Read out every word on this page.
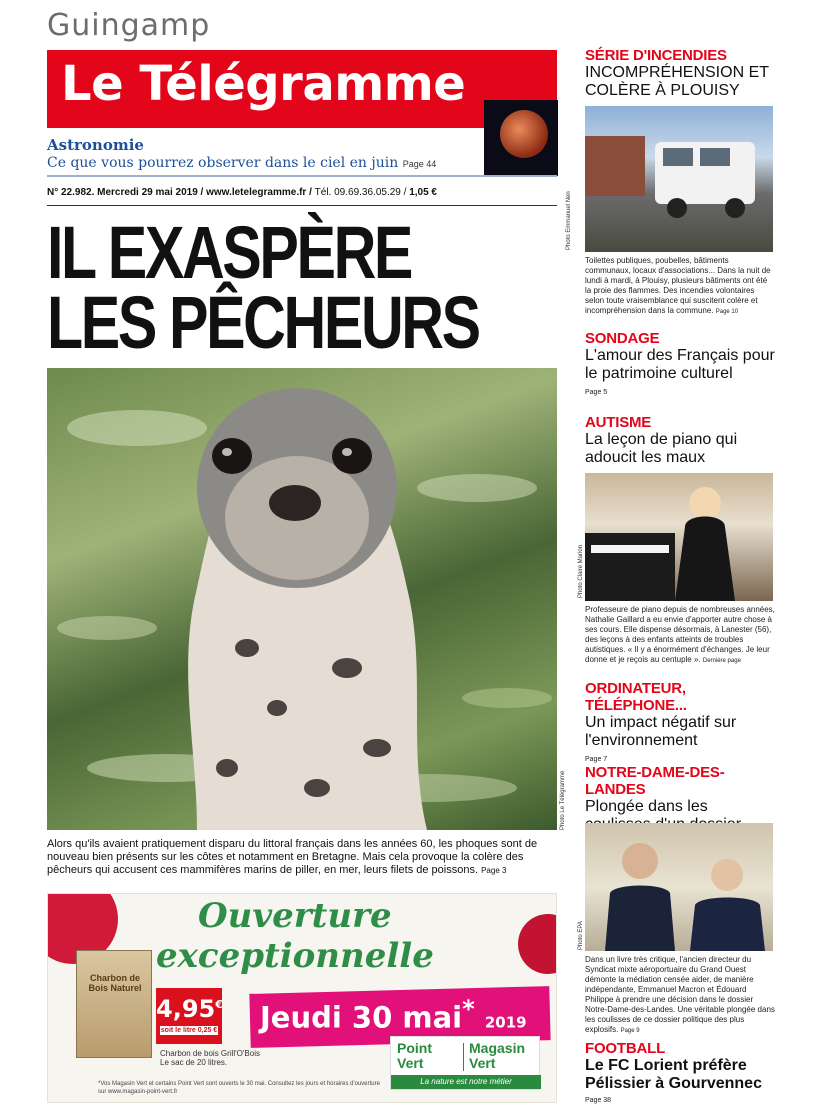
Guingamp
Le Télégramme
Astronomie
Ce que vous pourrez observer dans le ciel en juin Page 44
N° 22.982. Mercredi 29 mai 2019 / www.letelegramme.fr / Tél. 09.69.36.05.29 / 1,05 €
IL EXASPÈRE
LES PÊCHEURS
Photo Le Télégramme
Alors qu'ils avaient pratiquement disparu du littoral français dans les années 60, les phoques sont de nouveau bien présents sur les côtes et notamment en Bretagne. Mais cela provoque la colère des pêcheurs qui accusent ces mammifères marins de piller, en mer, leurs filets de poissons. Page 3
Ouverture
exceptionnelle
Jeudi 30 mai* 2019
Charbon de Bois Naturel
4,95€
soit le litre 0,25 €
Charbon de bois Grill'O'Bois
Le sac de 20 litres.
Point Vert
Magasin Vert
La nature est notre métier
*Vos Magasin Vert et certains Point Vert sont ouverts le 30 mai. Consultez les jours et horaires d'ouverture sur www.magasin-point-vert.fr
SÉRIE D'INCENDIES
INCOMPRÉHENSION ET COLÈRE À PLOUISY
Photo Emmanuel Nen
Toilettes publiques, poubelles, bâtiments communaux, locaux d'associations... Dans la nuit de lundi à mardi, à Plouisy, plusieurs bâtiments ont été la proie des flammes. Des incendies volontaires selon toute vraisemblance qui suscitent colère et incompréhension dans la commune. Page 10
SONDAGE
L'amour des Français pour le patrimoine culturel
Page 5
AUTISME
La leçon de piano qui adoucit les maux
Photo Claire Marion
Professeure de piano depuis de nombreuses années, Nathalie Gaillard a eu envie d'apporter autre chose à ses cours. Elle dispense désormais, à Lanester (56), des leçons à des enfants atteints de troubles autistiques. « Il y a énormément d'échanges. Je leur donne et je reçois au centuple ». Dernière page
ORDINATEUR, TÉLÉPHONE...
Un impact négatif sur l'environnement
Page 7
NOTRE-DAME-DES-LANDES
Plongée dans les
Photo EPA
Dans un livre très critique, l'ancien directeur du Syndicat mixte aéroportuaire du Grand Ouest démonte la médiation censée aider, de manière indépendante, Emmanuel Macron et Édouard Philippe à prendre une décision dans le dossier Notre-Dame-des-Landes. Une véritable plongée dans les coulisses de ce dossier politique des plus explosifs. Page 9
FOOTBALL
Le FC Lorient préfère Pélissier à Gourvennec
Page 38
